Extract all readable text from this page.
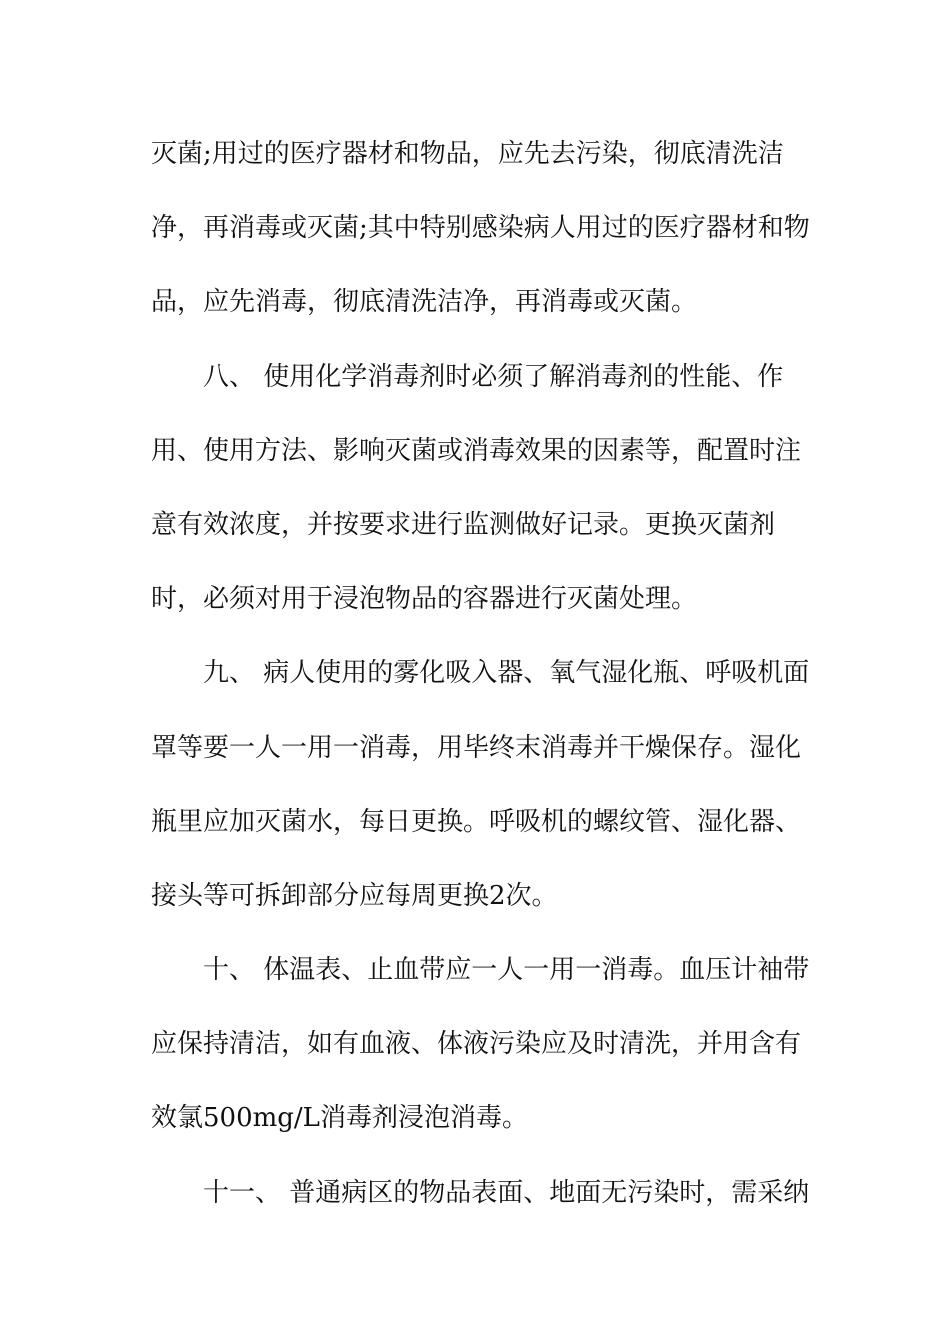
灭菌;用过的医疗器材和物品，应先去污染，彻底清洗洁
净，再消毒或灭菌;其中特别感染病人用过的医疗器材和物
品，应先消毒，彻底清洗洁净，再消毒或灭菌。
八、 使用化学消毒剂时必须了解消毒剂的性能、作
用、使用方法、影响灭菌或消毒效果的因素等，配置时注
意有效浓度，并按要求进行监测做好记录。更换灭菌剂
时，必须对用于浸泡物品的容器进行灭菌处理。
九、 病人使用的雾化吸入器、氧气湿化瓶、呼吸机面
罩等要一人一用一消毒，用毕终末消毒并干燥保存。湿化
瓶里应加灭菌水，每日更换。呼吸机的螺纹管、湿化器、
接头等可拆卸部分应每周更换2次。
十、 体温表、止血带应一人一用一消毒。血压计袖带
应保持清洁，如有血液、体液污染应及时清洗，并用含有
效氯500mg/L消毒剂浸泡消毒。
十一、 普通病区的物品表面、地面无污染时，需采纳
